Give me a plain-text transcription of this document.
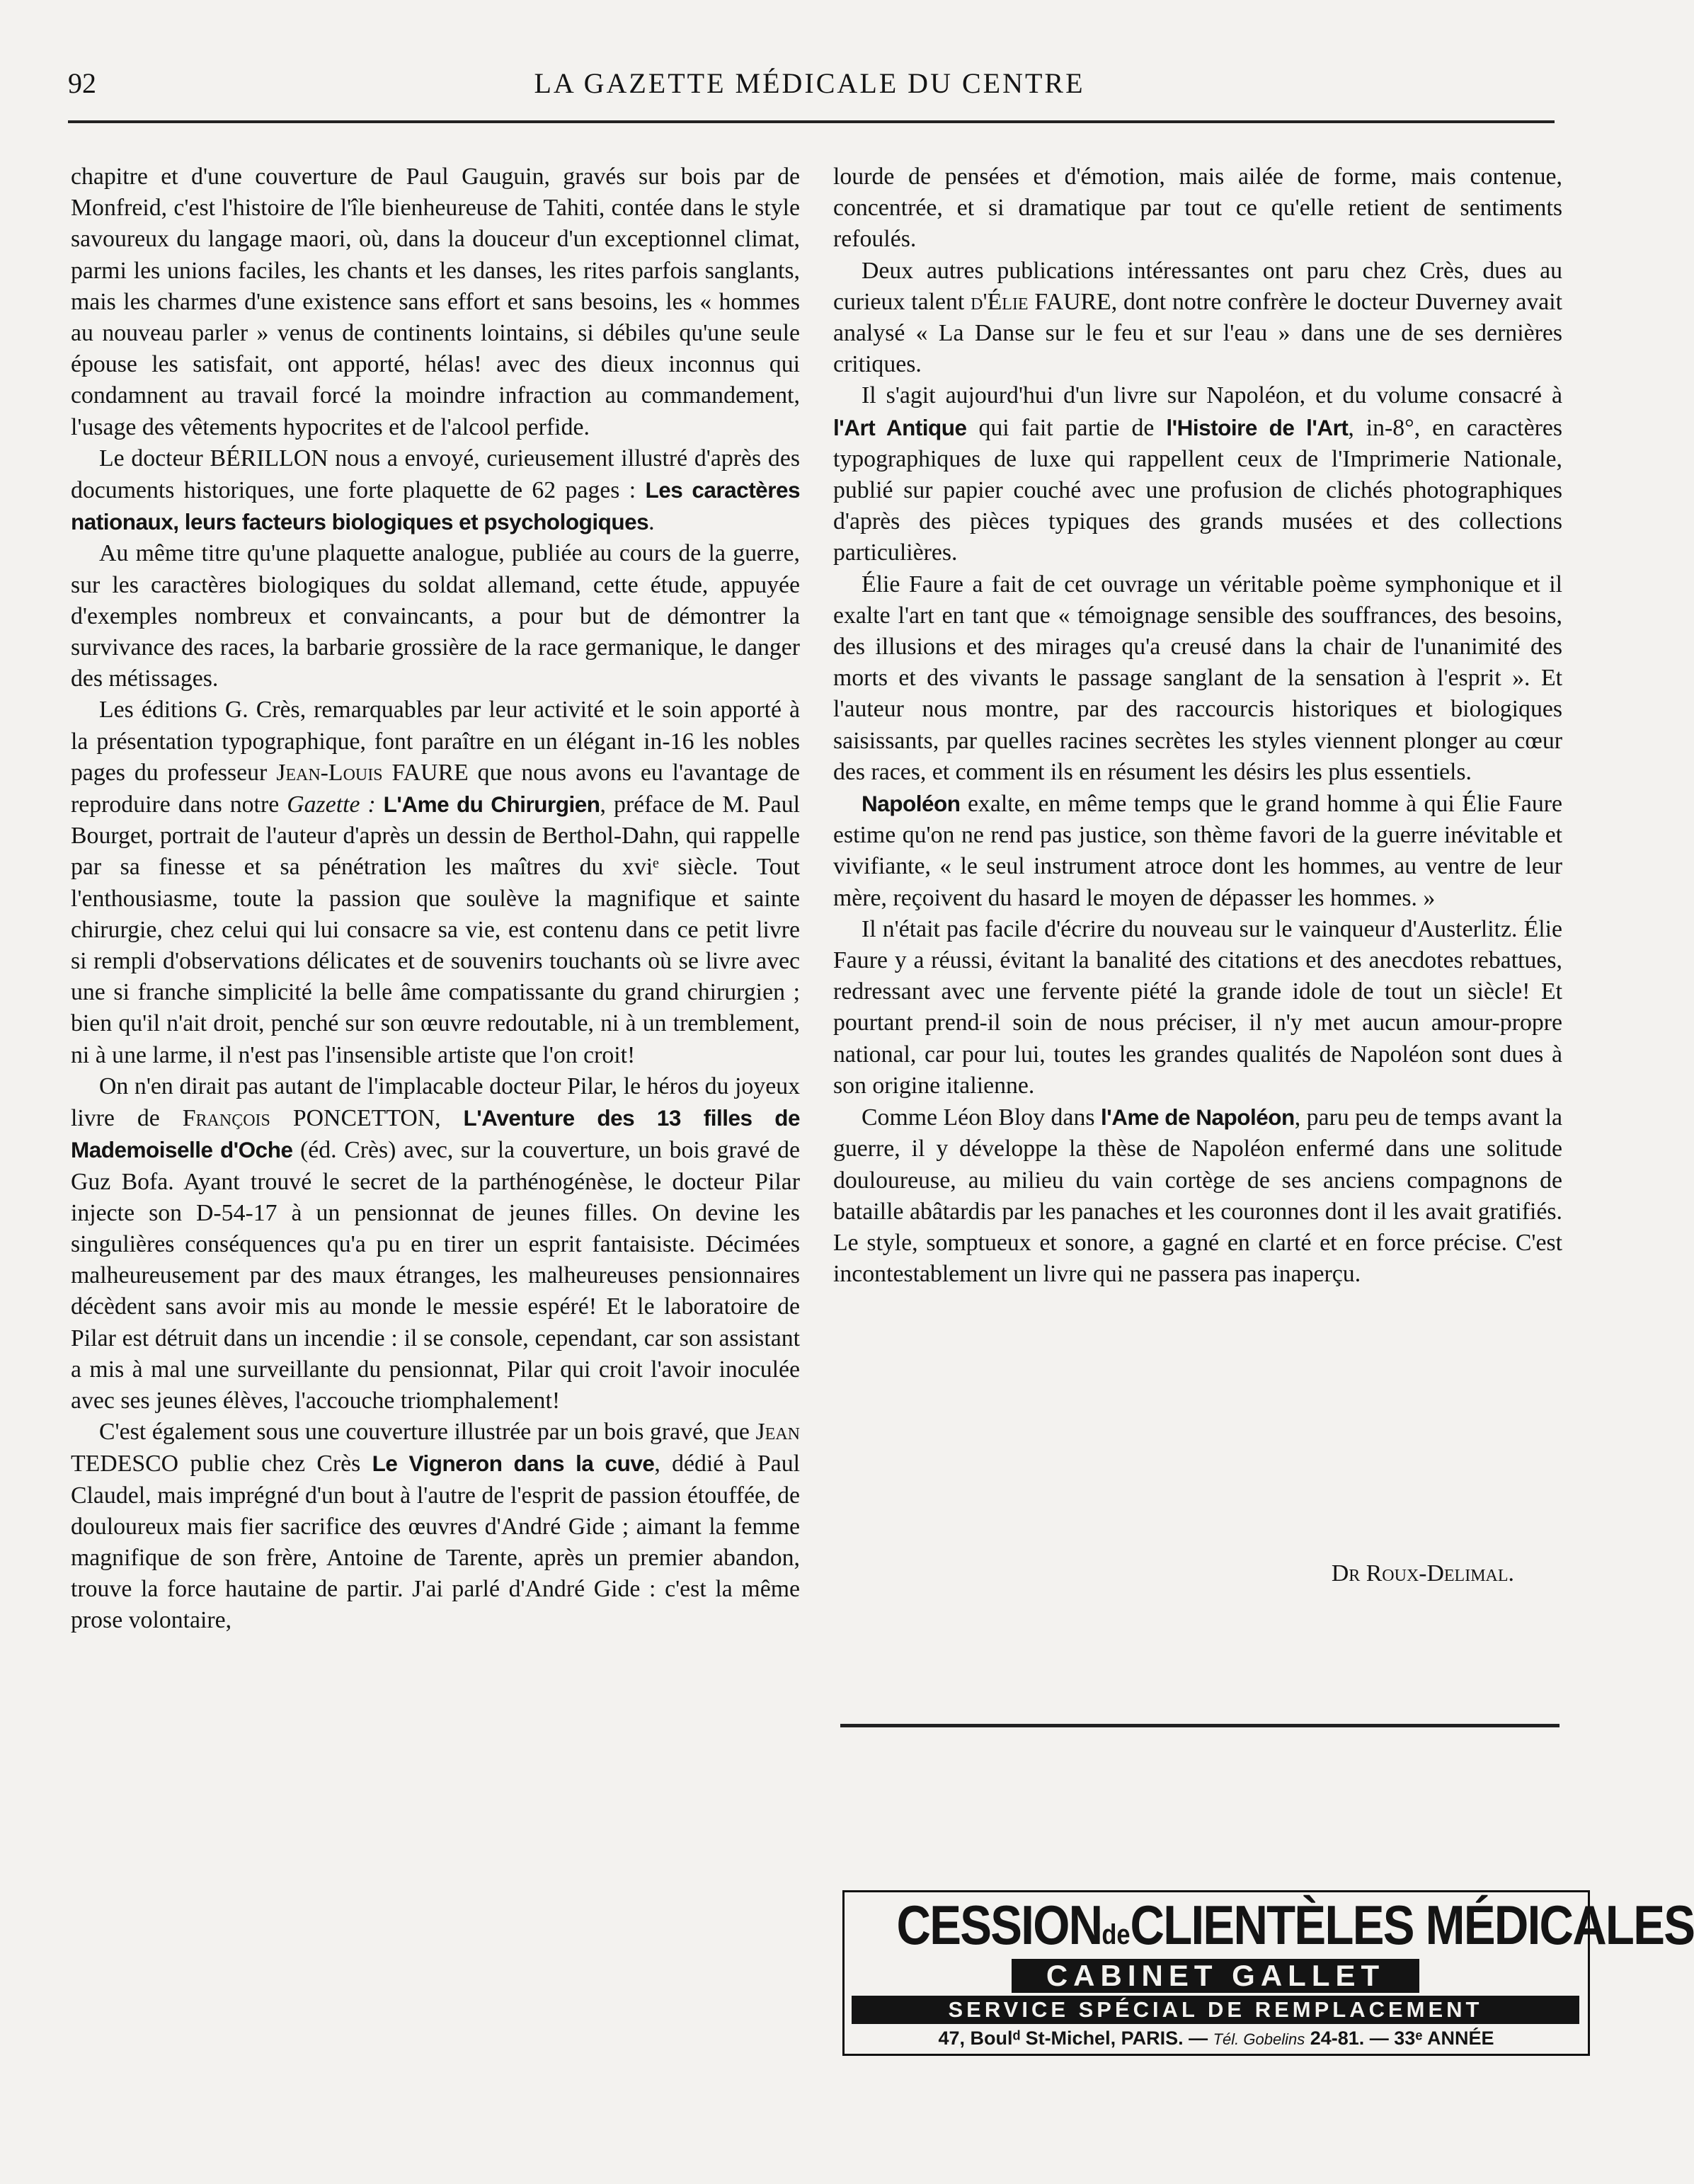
92	LA GAZETTE MÉDICALE DU CENTRE

chapitre et d'une couverture de Paul Gauguin, gravés sur bois par de Monfreid, c'est l'histoire de l'île bienheureuse de Tahiti, contée dans le style savoureux du langage maori, où, dans la douceur d'un exceptionnel climat, parmi les unions faciles, les chants et les danses, les rites parfois sanglants, mais les charmes d'une existence sans effort et sans besoins, les « hommes au nouveau parler » venus de continents lointains, si débiles qu'une seule épouse les satisfait, ont apporté, hélas! avec des dieux inconnus qui condamnent au travail forcé la moindre infraction au commandement, l'usage des vêtements hypocrites et de l'alcool perfide.

Le docteur BÉRILLON nous a envoyé, curieusement illustré d'après des documents historiques, une forte plaquette de 62 pages : Les caractères nationaux, leurs facteurs biologiques et psychologiques.

Au même titre qu'une plaquette analogue, publiée au cours de la guerre, sur les caractères biologiques du soldat allemand, cette étude, appuyée d'exemples nombreux et convaincants, a pour but de démontrer la survivance des races, la barbarie grossière de la race germanique, le danger des métissages.

Les éditions G. Crès, remarquables par leur activité et le soin apporté à la présentation typographique, font paraître en un élégant in-16 les nobles pages du professeur Jean-Louis FAURE que nous avons eu l'avantage de reproduire dans notre Gazette : L'Ame du Chirurgien, préface de M. Paul Bourget, portrait de l'auteur d'après un dessin de Berthol-Dahn, qui rappelle par sa finesse et sa pénétration les maîtres du xviᵉ siècle. Tout l'enthousiasme, toute la passion que soulève la magnifique et sainte chirurgie, chez celui qui lui consacre sa vie, est contenu dans ce petit livre si rempli d'observations délicates et de souvenirs touchants où se livre avec une si franche simplicité la belle âme compatissante du grand chirurgien ; bien qu'il n'ait droit, penché sur son œuvre redoutable, ni à un tremblement, ni à une larme, il n'est pas l'insensible artiste que l'on croit!

On n'en dirait pas autant de l'implacable docteur Pilar, le héros du joyeux livre de François PONCETTON, L'Aventure des 13 filles de Mademoiselle d'Oche (éd. Crès) avec, sur la couverture, un bois gravé de Guz Bofa. Ayant trouvé le secret de la parthénogénèse, le docteur Pilar injecte son D-54-17 à un pensionnat de jeunes filles. On devine les singulières conséquences qu'a pu en tirer un esprit fantaisiste. Décimées malheureusement par des maux étranges, les malheureuses pensionnaires décèdent sans avoir mis au monde le messie espéré! Et le laboratoire de Pilar est détruit dans un incendie : il se console, cependant, car son assistant a mis à mal une surveillante du pensionnat, Pilar qui croit l'avoir inoculée avec ses jeunes élèves, l'accouche triomphalement!

C'est également sous une couverture illustrée par un bois gravé, que Jean TEDESCO publie chez Crès Le Vigneron dans la cuve, dédié à Paul Claudel, mais imprégné d'un bout à l'autre de l'esprit de passion étouffée, de douloureux mais fier sacrifice des œuvres d'André Gide ; aimant la femme magnifique de son frère, Antoine de Tarente, après un premier abandon, trouve la force hautaine de partir. J'ai parlé d'André Gide : c'est la même prose volontaire,

lourde de pensées et d'émotion, mais ailée de forme, mais contenue, concentrée, et si dramatique par tout ce qu'elle retient de sentiments refoulés.

Deux autres publications intéressantes ont paru chez Crès, dues au curieux talent d'Élie FAURE, dont notre confrère le docteur Duverney avait analysé « La Danse sur le feu et sur l'eau » dans une de ses dernières critiques.

Il s'agit aujourd'hui d'un livre sur Napoléon, et du volume consacré à l'Art Antique qui fait partie de l'Histoire de l'Art, in-8°, en caractères typographiques de luxe qui rappellent ceux de l'Imprimerie Nationale, publié sur papier couché avec une profusion de clichés photographiques d'après des pièces typiques des grands musées et des collections particulières.

Élie Faure a fait de cet ouvrage un véritable poème symphonique et il exalte l'art en tant que « témoignage sensible des souffrances, des besoins, des illusions et des mirages qu'a creusé dans la chair de l'unanimité des morts et des vivants le passage sanglant de la sensation à l'esprit ». Et l'auteur nous montre, par des raccourcis historiques et biologiques saisissants, par quelles racines secrètes les styles viennent plonger au cœur des races, et comment ils en résument les désirs les plus essentiels.

Napoléon exalte, en même temps que le grand homme à qui Élie Faure estime qu'on ne rend pas justice, son thème favori de la guerre inévitable et vivifiante, « le seul instrument atroce dont les hommes, au ventre de leur mère, reçoivent du hasard le moyen de dépasser les hommes. »

Il n'était pas facile d'écrire du nouveau sur le vainqueur d'Austerlitz. Élie Faure y a réussi, évitant la banalité des citations et des anecdotes rebattues, redressant avec une fervente piété la grande idole de tout un siècle! Et pourtant prend-il soin de nous préciser, il n'y met aucun amour-propre national, car pour lui, toutes les grandes qualités de Napoléon sont dues à son origine italienne.

Comme Léon Bloy dans l'Ame de Napoléon, paru peu de temps avant la guerre, il y développe la thèse de Napoléon enfermé dans une solitude douloureuse, au milieu du vain cortège de ses anciens compagnons de bataille abâtardis par les panaches et les couronnes dont il les avait gratifiés. Le style, somptueux et sonore, a gagné en clarté et en force précise. C'est incontestablement un livre qui ne passera pas inaperçu.

Dr Roux-Delimal.
CESSIONdeCLIENTÈLES MÉDICALES
CABINET GALLET
SERVICE SPÉCIAL DE REMPLACEMENT
47, Boulᵈ St-Michel, PARIS. — Tél. Gobelins 24-81. — 33ᵉ ANNÉE
